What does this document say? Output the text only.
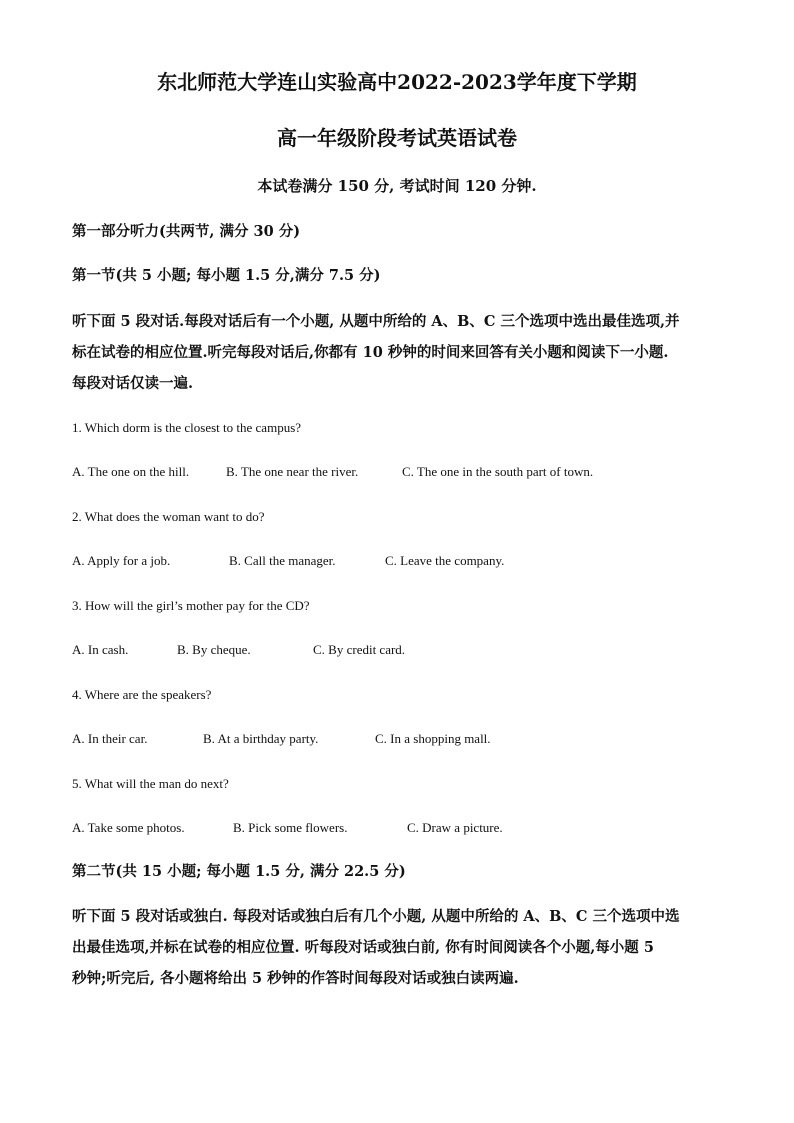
东北师范大学连山实验高中2022-2023学年度下学期
高一年级阶段考试英语试卷
本试卷满分 150 分, 考试时间 120 分钟.
第一部分听力(共两节, 满分 30 分)
第一节(共 5 小题; 每小题 1.5 分,满分 7.5 分)
听下面 5 段对话.每段对话后有一个小题, 从题中所给的 A、B、C 三个选项中选出最佳选项,并
标在试卷的相应位置.听完每段对话后,你都有 10 秒钟的时间来回答有关小题和阅读下一小题.
每段对话仅读一遍.
1. Which dorm is the closest to the campus?
A. The one on the hill.	B. The one near the river.	C. The one in the south part of town.
2. What does the woman want to do?
A. Apply for a job.	B. Call the manager.	C. Leave the company.
3. How will the girl’s mother pay for the CD?
A. In cash.	B. By cheque.	C. By credit card.
4. Where are the speakers?
A. In their car.	B. At a birthday party.	C. In a shopping mall.
5. What will the man do next?
A. Take some photos.	B. Pick some flowers.	C. Draw a picture.
第二节(共 15 小题; 每小题 1.5 分, 满分 22.5 分)
听下面 5 段对话或独白. 每段对话或独白后有几个小题, 从题中所给的 A、B、C 三个选项中选
出最佳选项,并标在试卷的相应位置. 听每段对话或独白前, 你有时间阅读各个小题,每小题 5
秒钟;听完后, 各小题将给出 5 秒钟的作答时间每段对话或独白读两遍.
